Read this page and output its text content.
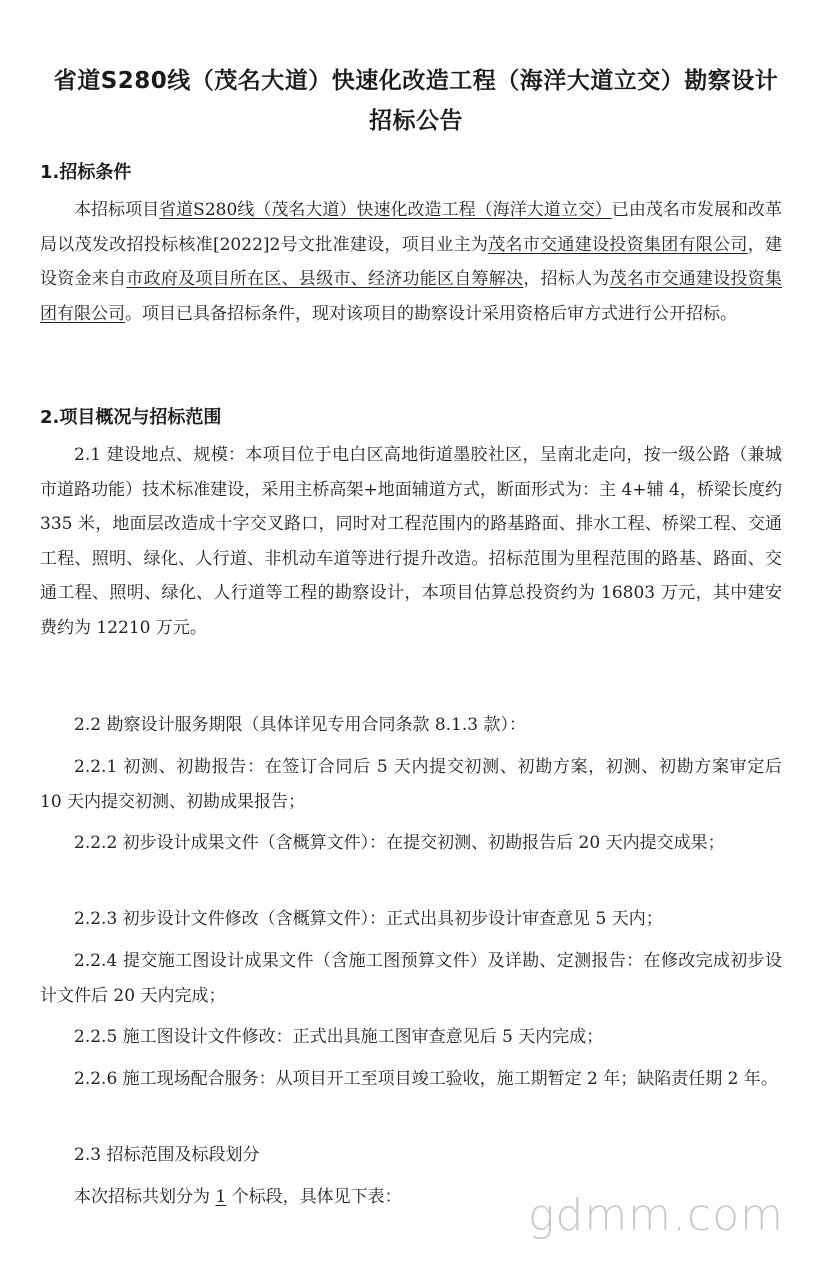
省道S280线（茂名大道）快速化改造工程（海洋大道立交）勘察设计
招标公告
1.招标条件

本招标项目省道S280线（茂名大道）快速化改造工程（海洋大道立交）已由茂名市发展和改革局以茂发改招投标核准[2022]2号文批准建设，项目业主为茂名市交通建设投资集团有限公司，建设资金来自市政府及项目所在区、县级市、经济功能区自筹解决，招标人为茂名市交通建设投资集团有限公司。项目已具备招标条件，现对该项目的勘察设计采用资格后审方式进行公开招标。

2.项目概况与招标范围

2.1 建设地点、规模：本项目位于电白区高地街道墨胶社区，呈南北走向，按一级公路（兼城市道路功能）技术标准建设，采用主桥高架+地面辅道方式，断面形式为：主 4+辅 4，桥梁长度约 335 米，地面层改造成十字交叉路口，同时对工程范围内的路基路面、排水工程、桥梁工程、交通工程、照明、绿化、人行道、非机动车道等进行提升改造。招标范围为里程范围的路基、路面、交通工程、照明、绿化、人行道等工程的勘察设计，本项目估算总投资约为 16803 万元，其中建安费约为 12210 万元。

2.2 勘察设计服务期限（具体详见专用合同条款 8.1.3 款）：

2.2.1 初测、初勘报告：在签订合同后 5 天内提交初测、初勘方案，初测、初勘方案审定后 10 天内提交初测、初勘成果报告；

2.2.2 初步设计成果文件（含概算文件）：在提交初测、初勘报告后 20 天内提交成果；

2.2.3 初步设计文件修改（含概算文件）：正式出具初步设计审查意见 5 天内；

2.2.4 提交施工图设计成果文件（含施工图预算文件）及详勘、定测报告：在修改完成初步设计文件后 20 天内完成；

2.2.5 施工图设计文件修改：正式出具施工图审查意见后 5 天内完成；

2.2.6 施工现场配合服务：从项目开工至项目竣工验收，施工期暂定 2 年；缺陷责任期 2 年。

2.3 招标范围及标段划分

本次招标共划分为 1 个标段，具体见下表：	gdmm.com
